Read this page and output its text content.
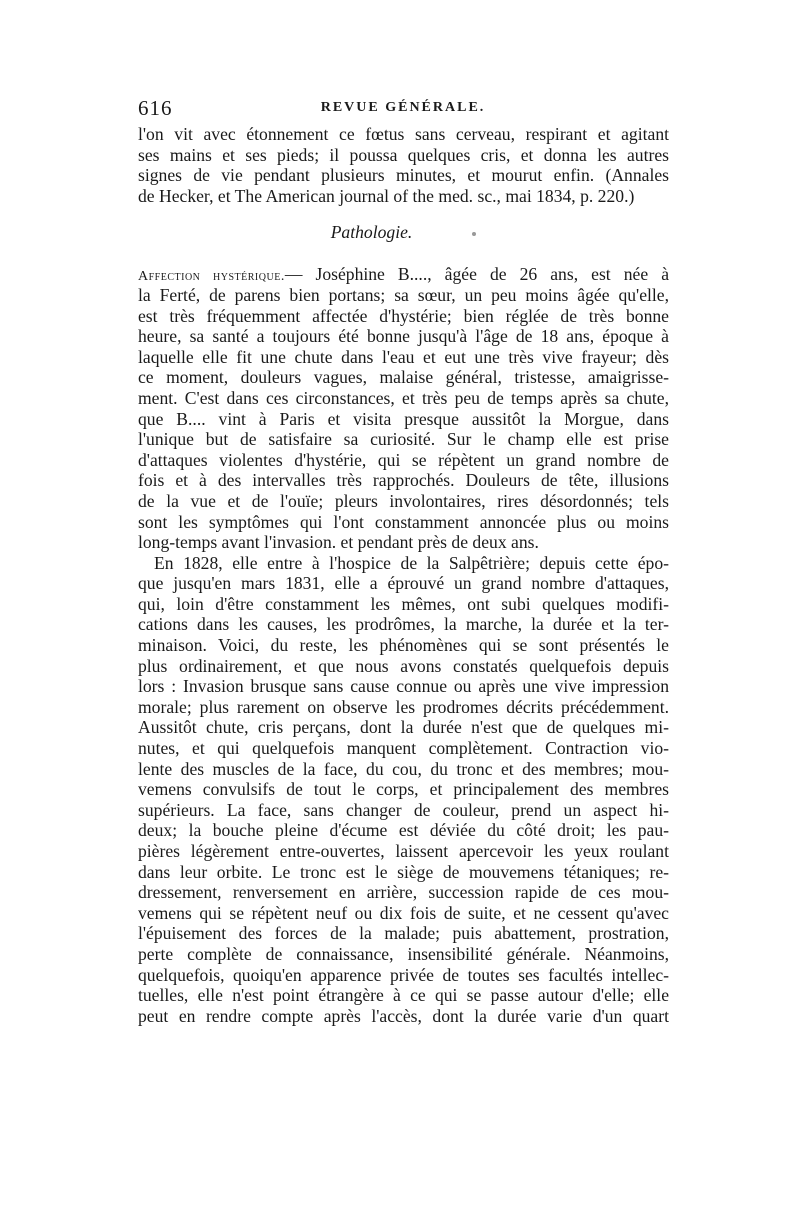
616	REVUE GÉNÉRALE.
l'on vit avec étonnement ce fœtus sans cerveau, respirant et agitant
ses mains et ses pieds; il poussa quelques cris, et donna les autres
signes de vie pendant plusieurs minutes, et mourut enfin. (Annales
de Hecker, et The American journal of the med. sc., mai 1834, p. 220.)
Pathologie.
Affection hystérique.— Joséphine B...., âgée de 26 ans, est née à
la Ferté, de parens bien portans; sa sœur, un peu moins âgée qu'elle,
est très fréquemment affectée d'hystérie; bien réglée de très bonne
heure, sa santé a toujours été bonne jusqu'à l'âge de 18 ans, époque à
laquelle elle fit une chute dans l'eau et eut une très vive frayeur; dès
ce moment, douleurs vagues, malaise général, tristesse, amaigrisse-
ment. C'est dans ces circonstances, et très peu de temps après sa chute,
que B.... vint à Paris et visita presque aussitôt la Morgue, dans
l'unique but de satisfaire sa curiosité. Sur le champ elle est prise
d'attaques violentes d'hystérie, qui se répètent un grand nombre de
fois et à des intervalles très rapprochés. Douleurs de tête, illusions
de la vue et de l'ouïe; pleurs involontaires, rires désordonnés; tels
sont les symptômes qui l'ont constamment annoncée plus ou moins
long-temps avant l'invasion. et pendant près de deux ans.
En 1828, elle entre à l'hospice de la Salpêtrière; depuis cette épo-
que jusqu'en mars 1831, elle a éprouvé un grand nombre d'attaques,
qui, loin d'être constamment les mêmes, ont subi quelques modifi-
cations dans les causes, les prodrômes, la marche, la durée et la ter-
minaison. Voici, du reste, les phénomènes qui se sont présentés le
plus ordinairement, et que nous avons constatés quelquefois depuis
lors : Invasion brusque sans cause connue ou après une vive impression
morale; plus rarement on observe les prodromes décrits précédemment.
Aussitôt chute, cris perçans, dont la durée n'est que de quelques mi-
nutes, et qui quelquefois manquent complètement. Contraction vio-
lente des muscles de la face, du cou, du tronc et des membres; mou-
vemens convulsifs de tout le corps, et principalement des membres
supérieurs. La face, sans changer de couleur, prend un aspect hi-
deux; la bouche pleine d'écume est déviée du côté droit; les pau-
pières légèrement entre-ouvertes, laissent apercevoir les yeux roulant
dans leur orbite. Le tronc est le siège de mouvemens tétaniques; re-
dressement, renversement en arrière, succession rapide de ces mou-
vemens qui se répètent neuf ou dix fois de suite, et ne cessent qu'avec
l'épuisement des forces de la malade; puis abattement, prostration,
perte complète de connaissance, insensibilité générale. Néanmoins,
quelquefois, quoiqu'en apparence privée de toutes ses facultés intellec-
tuelles, elle n'est point étrangère à ce qui se passe autour d'elle; elle
peut en rendre compte après l'accès, dont la durée varie d'un quart
